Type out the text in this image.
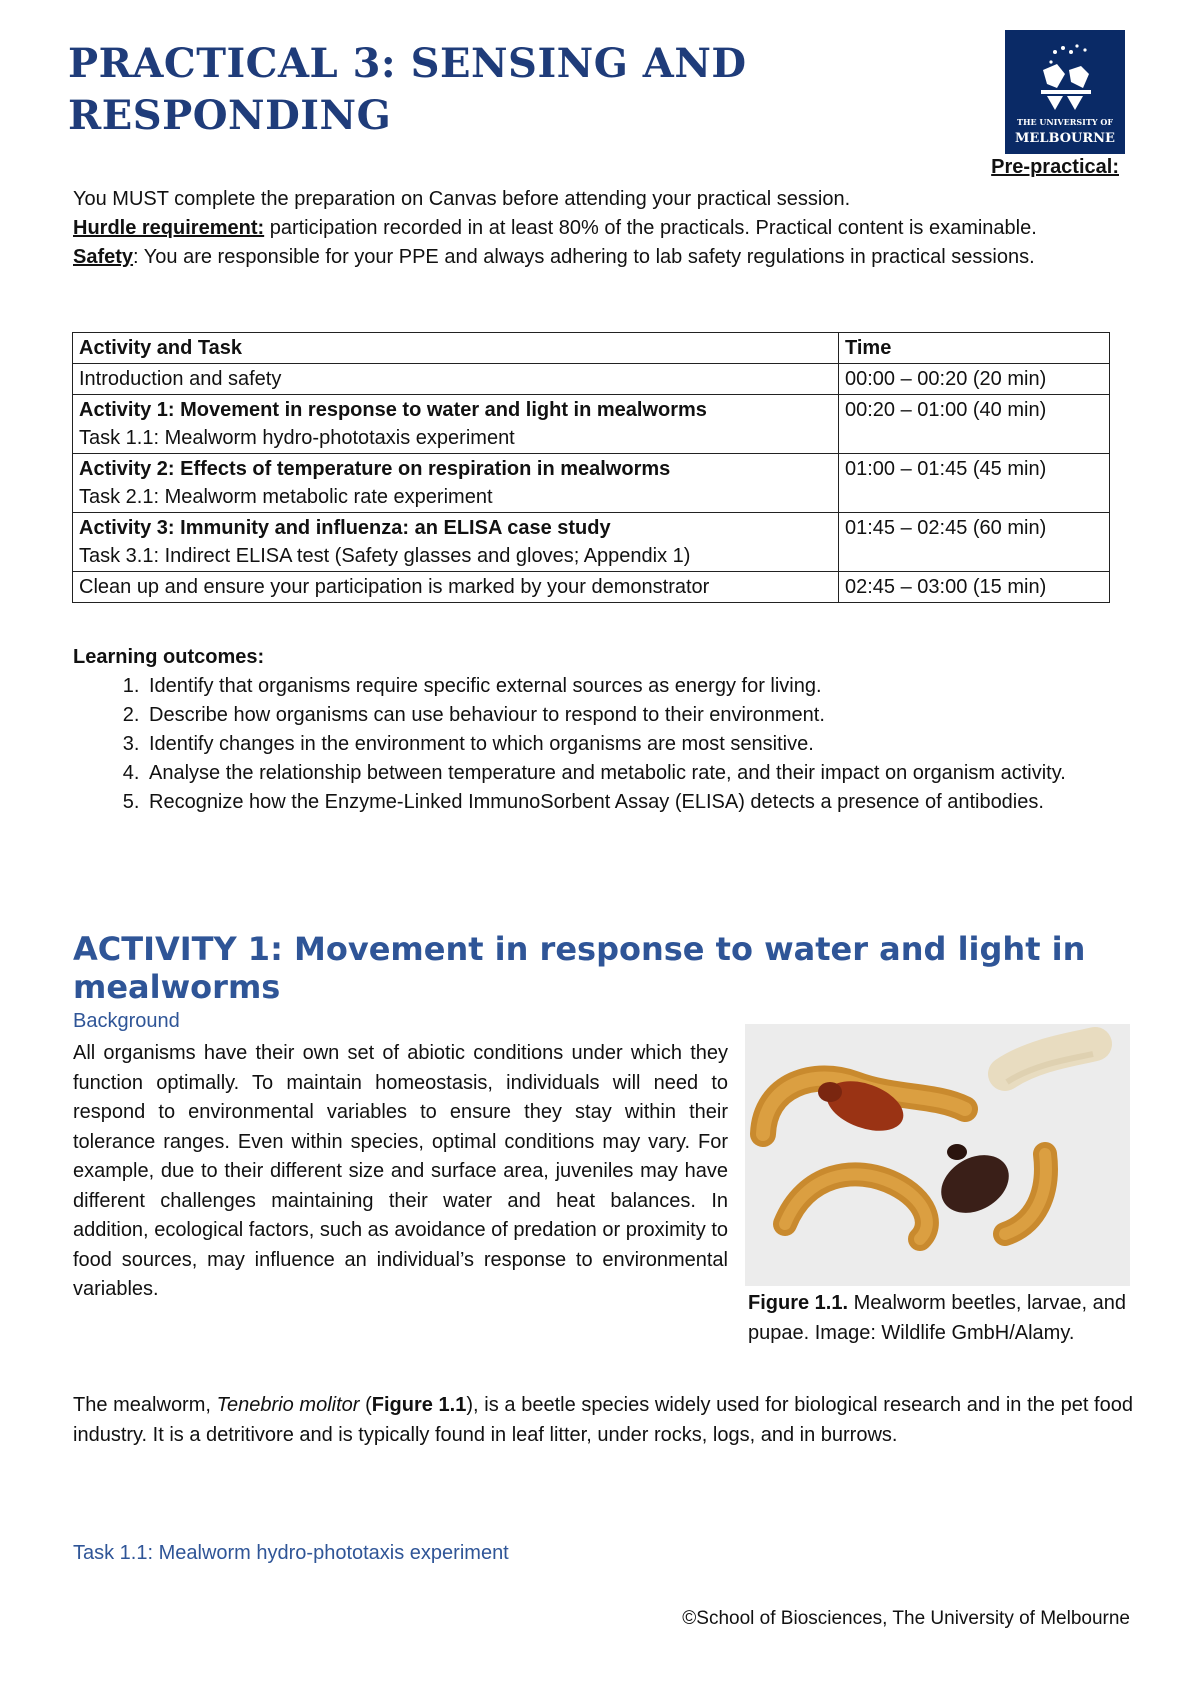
PRACTICAL 3: SENSING AND RESPONDING	THE UNIVERSITY OF
MELBOURNE
Pre-practical:

You MUST complete the preparation on Canvas before attending your practical session.

Hurdle requirement: participation recorded in at least 80% of the practicals. Practical content is examinable.

Safety: You are responsible for your PPE and always adhering to lab safety regulations in practical sessions.

Activity and Task	Time

Introduction and safety	00:00 – 00:20 (20 min)

Activity 1: Movement in response to water and light in mealworms
Task 1.1: Mealworm hydro-phototaxis experiment	00:20 – 01:00 (40 min)

Activity 2: Effects of temperature on respiration in mealworms
Task 2.1: Mealworm metabolic rate experiment	01:00 – 01:45 (45 min)

Activity 3: Immunity and influenza: an ELISA case study
Task 3.1: Indirect ELISA test (Safety glasses and gloves; Appendix 1)	01:45 – 02:45 (60 min)

Clean up and ensure your participation is marked by your demonstrator	02:45 – 03:00 (15 min)
Learning outcomes:
1. Identify that organisms require specific external sources as energy for living.
2. Describe how organisms can use behaviour to respond to their environment.
3. Identify changes in the environment to which organisms are most sensitive.
4. Analyse the relationship between temperature and metabolic rate, and their impact on organism activity.
5. Recognize how the Enzyme-Linked ImmunoSorbent Assay (ELISA) detects a presence of antibodies.
ACTIVITY 1: Movement in response to water and light in mealworms
Background

All organisms have their own set of abiotic conditions under which they function optimally. To maintain homeostasis, individuals will need to respond to environmental variables to ensure they stay within their tolerance ranges. Even within species, optimal conditions may vary. For example, due to their different size and surface area, juveniles may have different challenges maintaining their water and heat balances. In addition, ecological factors, such as avoidance of predation or proximity to food sources, may influence an individual’s response to environmental variables.

Figure 1.1. Mealworm beetles, larvae, and pupae. Image: Wildlife GmbH/Alamy.

The mealworm, Tenebrio molitor (Figure 1.1), is a beetle species widely used for biological research and in the pet food industry. It is a detritivore and is typically found in leaf litter, under rocks, logs, and in burrows.

Task 1.1: Mealworm hydro-phototaxis experiment
©School of Biosciences, The University of Melbourne
